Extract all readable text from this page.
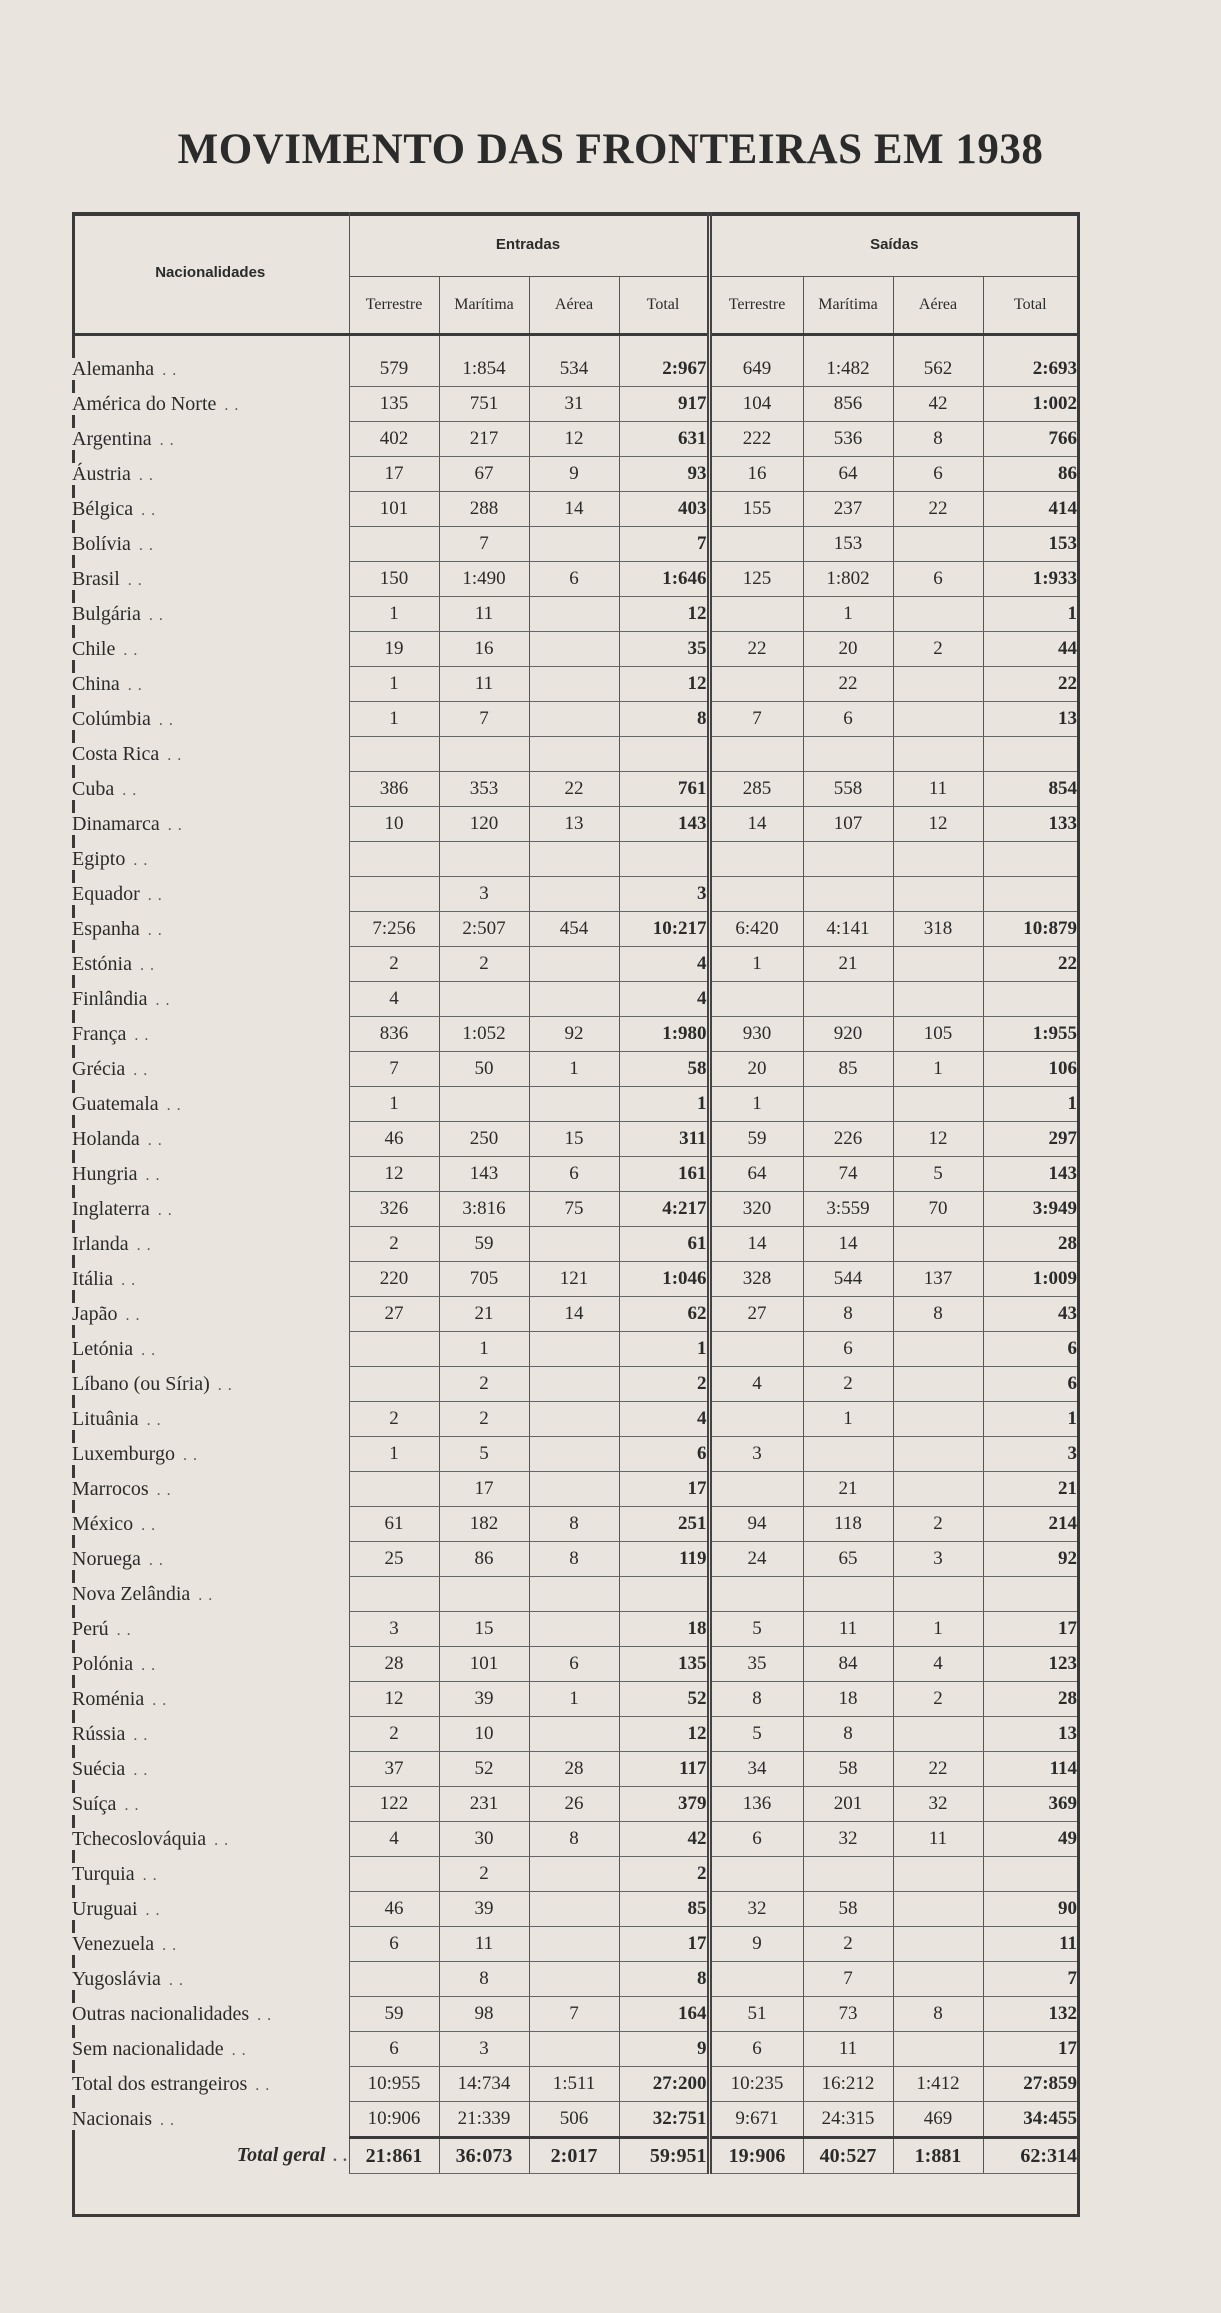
MOVIMENTO DAS FRONTEIRAS EM 1938
Nacionalidades	Entradas				Saídas			
	Terrestre	Marítima	Aérea	Total	Terrestre	Marítima	Aérea	Total

Alemanha . .	579	1:854	534	2:967	649	1:482	562	2:693
América do Norte . .	135	751	31	917	104	856	42	1:002
Argentina . .	402	217	12	631	222	536	8	766
Áustria . .	17	67	9	93	16	64	6	86
Bélgica . .	101	288	14	403	155	237	22	414
Bolívia . .		7		7		153		153
Brasil . .	150	1:490	6	1:646	125	1:802	6	1:933
Bulgária . .	1	11		12		1		1
Chile . .	19	16		35	22	20	2	44
China . .	1	11		12		22		22
Colúmbia . .	1	7		8	7	6		13
Costa Rica . .								
Cuba . .	386	353	22	761	285	558	11	854
Dinamarca . .	10	120	13	143	14	107	12	133
Egipto . .								
Equador . .		3		3				
Espanha . .	7:256	2:507	454	10:217	6:420	4:141	318	10:879
Estónia . .	2	2		4	1	21		22
Finlândia . .	4			4				
França . .	836	1:052	92	1:980	930	920	105	1:955
Grécia . .	7	50	1	58	20	85	1	106
Guatemala . .	1			1	1			1
Holanda . .	46	250	15	311	59	226	12	297
Hungria . .	12	143	6	161	64	74	5	143
Inglaterra . .	326	3:816	75	4:217	320	3:559	70	3:949
Irlanda . .	2	59		61	14	14		28
Itália . .	220	705	121	1:046	328	544	137	1:009
Japão . .	27	21	14	62	27	8	8	43
Letónia . .		1		1		6		6
Líbano (ou Síria) . .		2		2	4	2		6
Lituânia . .	2	2		4		1		1
Luxemburgo . .	1	5		6	3			3
Marrocos . .		17		17		21		21
México . .	61	182	8	251	94	118	2	214
Noruega . .	25	86	8	119	24	65	3	92
Nova Zelândia . .								
Perú . .	3	15		18	5	11	1	17
Polónia . .	28	101	6	135	35	84	4	123
Roménia . .	12	39	1	52	8	18	2	28
Rússia . .	2	10		12	5	8		13
Suécia . .	37	52	28	117	34	58	22	114
Suíça . .	122	231	26	379	136	201	32	369
Tchecoslováquia . .	4	30	8	42	6	32	11	49
Turquia . .		2		2				
Uruguai . .	46	39		85	32	58		90
Venezuela . .	6	11		17	9	2		11
Yugoslávia . .		8		8		7		7
Outras nacionalidades . .	59	98	7	164	51	73	8	132
Sem nacionalidade . .	6	3		9	6	11		17
Total dos estrangeiros . .	10:955	14:734	1:511	27:200	10:235	16:212	1:412	27:859
Nacionais . .	10:906	21:339	506	32:751	9:671	24:315	469	34:455
Total geral . .	21:861	36:073	2:017	59:951	19:906	40:527	1:881	62:314
